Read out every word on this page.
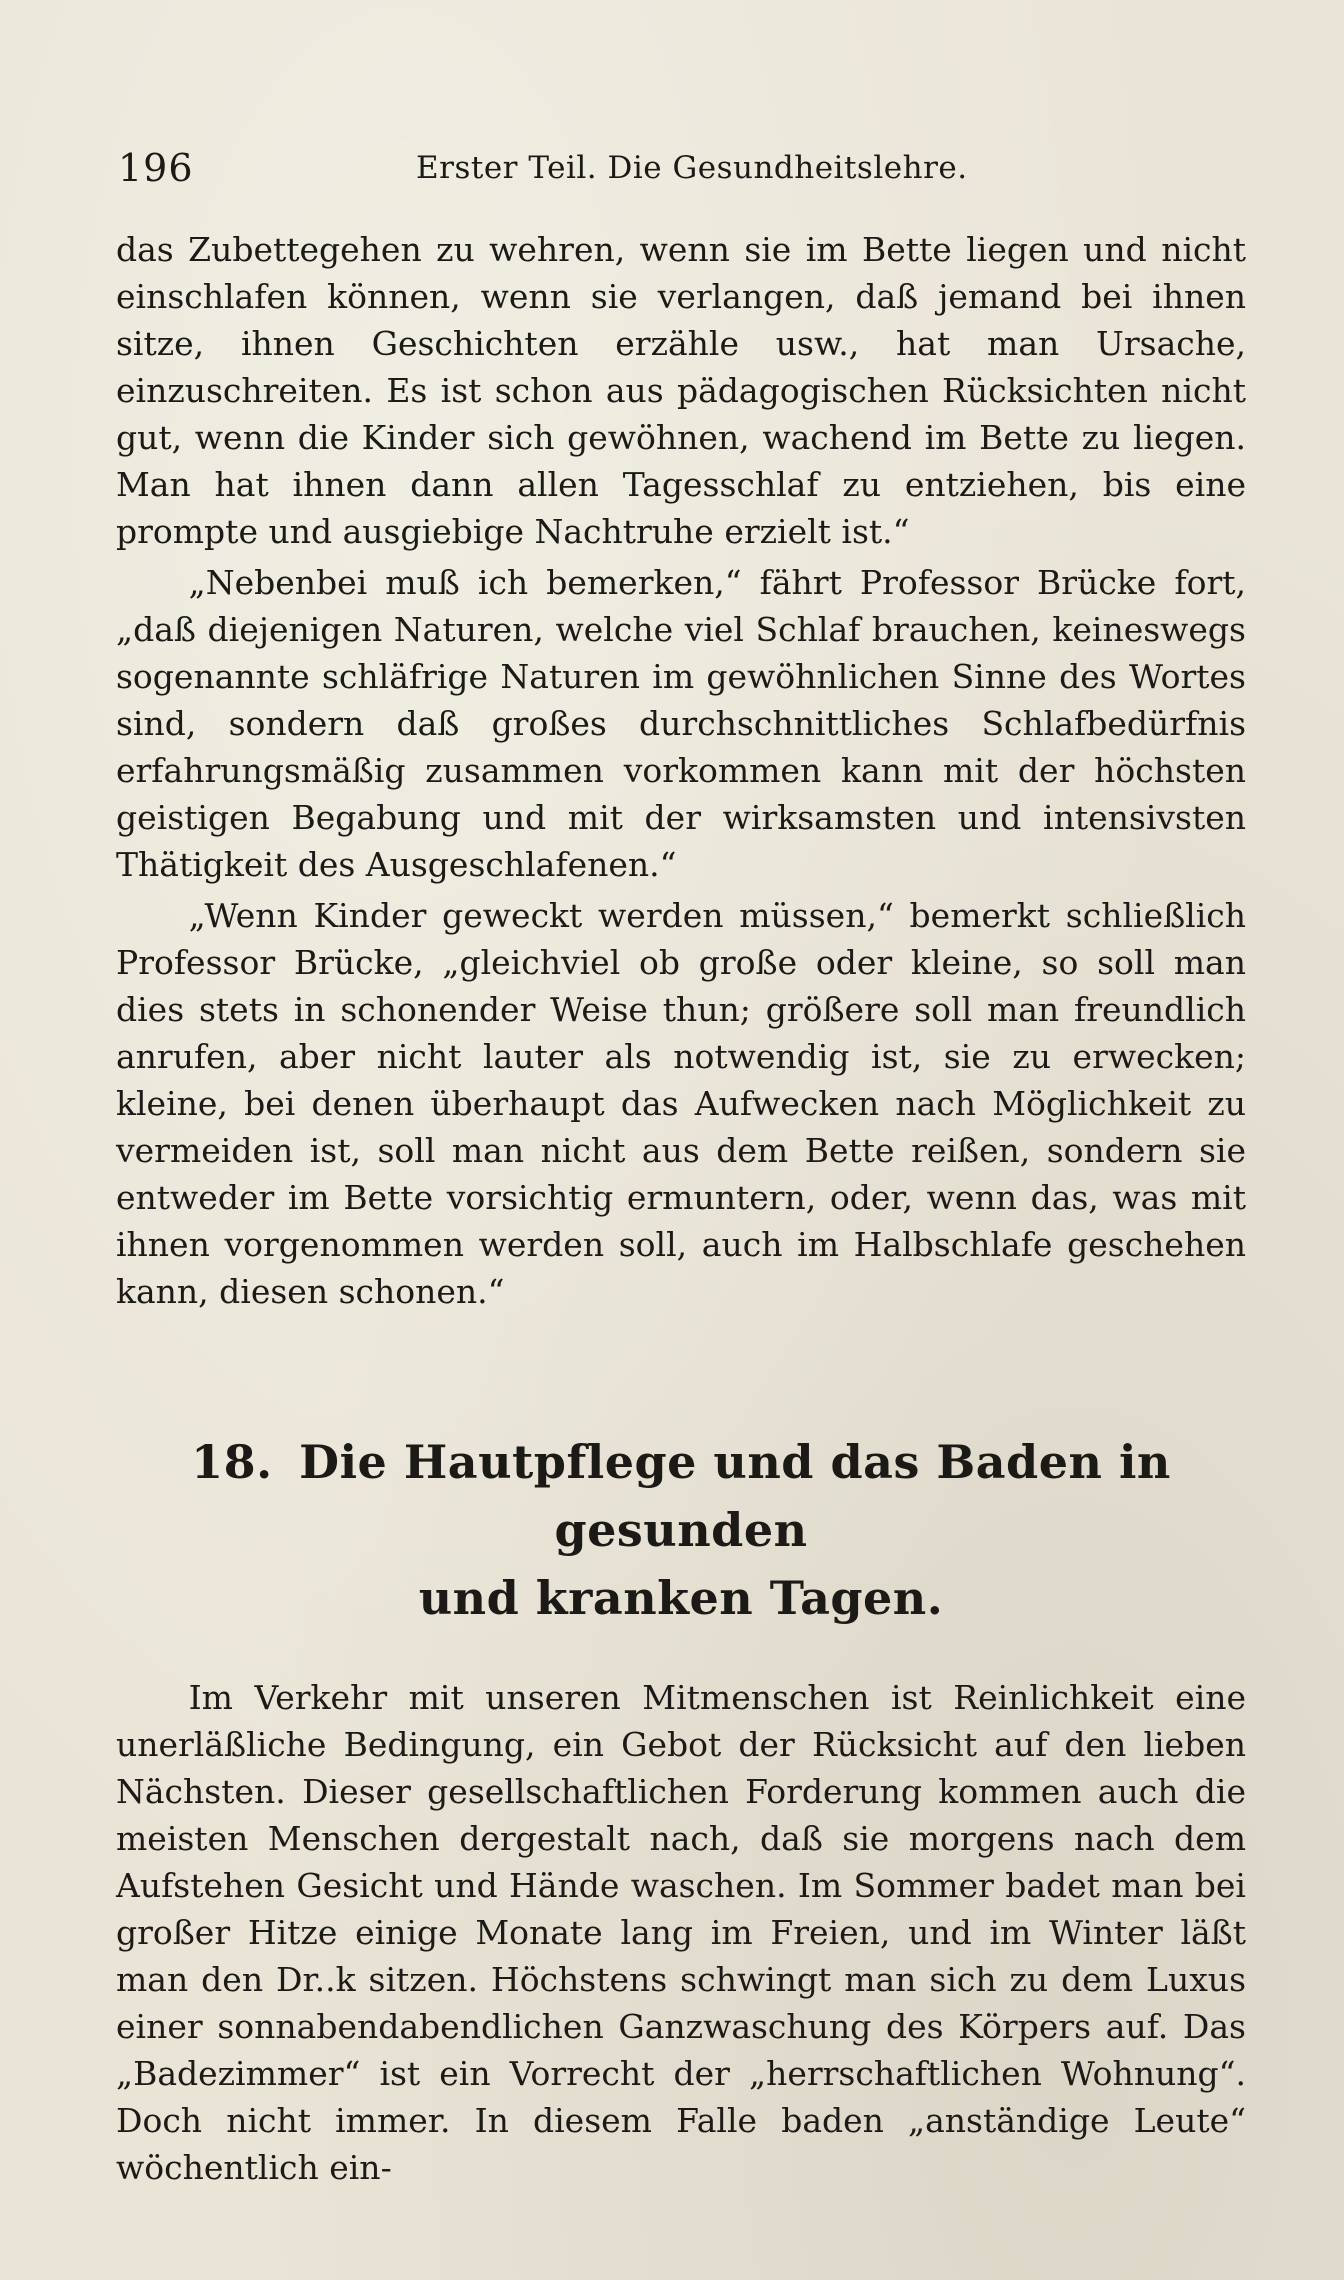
196	Erster Teil. Die Gesundheitslehre.

das Zubettegehen zu wehren, wenn sie im Bette liegen und nicht einschlafen können, wenn sie verlangen, daß jemand bei ihnen sitze, ihnen Geschichten erzähle usw., hat man Ursache, einzuschreiten. Es ist schon aus pädagogischen Rücksichten nicht gut, wenn die Kinder sich gewöhnen, wachend im Bette zu liegen. Man hat ihnen dann allen Tagesschlaf zu entziehen, bis eine prompte und ausgiebige Nachtruhe erzielt ist.“

„Nebenbei muß ich bemerken,“ fährt Professor Brücke fort, „daß diejenigen Naturen, welche viel Schlaf brauchen, keineswegs sogenannte schläfrige Naturen im gewöhnlichen Sinne des Wortes sind, sondern daß großes durchschnittliches Schlafbedürfnis erfahrungsmäßig zusammen vorkommen kann mit der höchsten geistigen Begabung und mit der wirksamsten und intensivsten Thätigkeit des Ausgeschlafenen.“

„Wenn Kinder geweckt werden müssen,“ bemerkt schließlich Professor Brücke, „gleichviel ob große oder kleine, so soll man dies stets in schonender Weise thun; größere soll man freundlich anrufen, aber nicht lauter als notwendig ist, sie zu erwecken; kleine, bei denen überhaupt das Aufwecken nach Möglichkeit zu vermeiden ist, soll man nicht aus dem Bette reißen, sondern sie entweder im Bette vorsichtig ermuntern, oder, wenn das, was mit ihnen vorgenommen werden soll, auch im Halbschlafe geschehen kann, diesen schonen.“

18. Die Hautpflege und das Baden in gesunden
und kranken Tagen.

Im Verkehr mit unseren Mitmenschen ist Reinlichkeit eine unerläßliche Bedingung, ein Gebot der Rücksicht auf den lieben Nächsten. Dieser gesellschaftlichen Forderung kommen auch die meisten Menschen dergestalt nach, daß sie morgens nach dem Aufstehen Gesicht und Hände waschen. Im Sommer badet man bei großer Hitze einige Monate lang im Freien, und im Winter läßt man den Dr..k sitzen. Höchstens schwingt man sich zu dem Luxus einer sonnabendabendlichen Ganzwaschung des Körpers auf. Das „Badezimmer“ ist ein Vorrecht der „herrschaftlichen Wohnung“. Doch nicht immer. In diesem Falle baden „anständige Leute“ wöchentlich ein-
